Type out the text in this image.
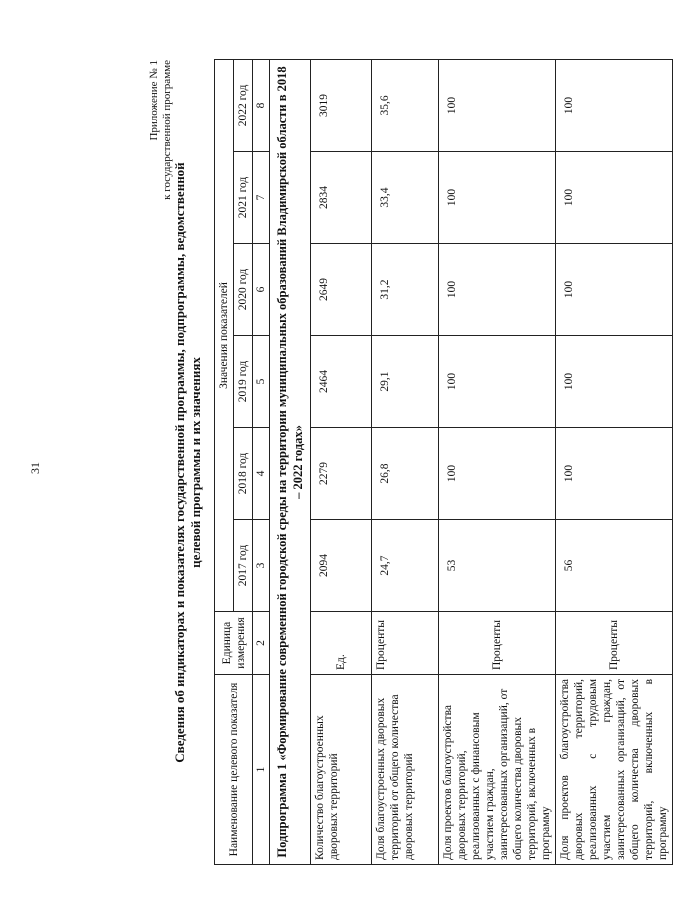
31
Приложение № 1 к государственной программе
Сведения об индикаторах и показателях государственной программы, подпрограммы, ведомственной целевой программы и их значениях
Наименование целевого показателя	Единица измерения	Значения показателей					
		2017 год	2018 год	2019 год	2020 год	2021 год	2022 год
1	2	3	4	5	6	7	8
Подпрограмма 1 «Формирование современной городской среды на территории муниципальных образований Владимирской области в 2018 – 2022 годах»							
Количество благоустроенных дворовых территорий	Ед.	2094	2279	2464	2649	2834	3019
Доля благоустроенных дворовых территорий от общего количества дворовых территорий	Проценты	24,7	26,8	29,1	31,2	33,4	35,6
Доля проектов благоустройства дворовых территорий, реализованных с финансовым участием граждан, заинтересованных организаций, от общего количества дворовых территорий, включенных в программу	Проценты	53	100	100	100	100	100
Доля проектов благоустройства дворовых территорий, реализованных с трудовым участием граждан, заинтересованных организаций, от общего количества дворовых территорий, включенных в программу	Проценты	56	100	100	100	100	100
